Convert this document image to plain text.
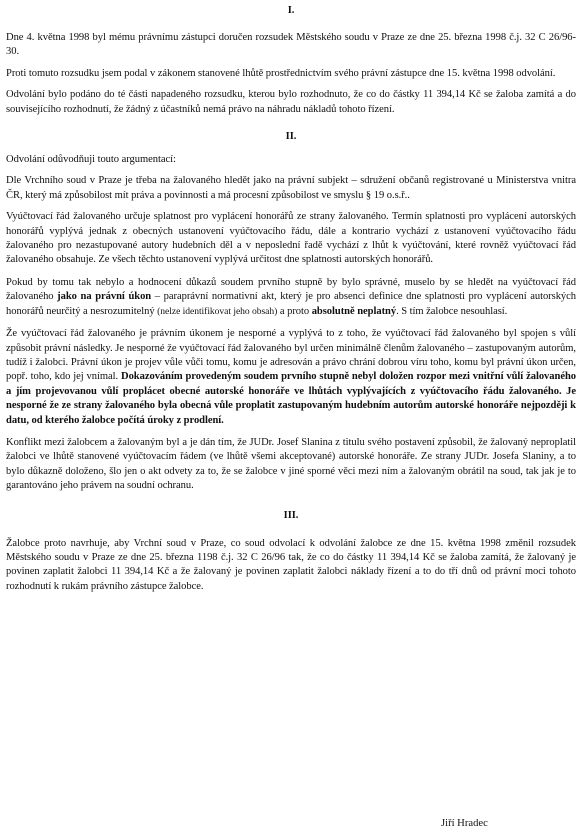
I.

Dne 4. května 1998 byl mému právnímu zástupci doručen rozsudek Městského soudu v Praze ze dne 25. března 1998 č.j. 32 C 26/96-30.

Proti tomuto rozsudku jsem podal v zákonem stanovené lhůtě prostřednictvím svého právní zástupce dne 15. května 1998 odvolání.

Odvolání bylo podáno do té části napadeného rozsudku, kterou bylo rozhodnuto, že co do částky 11 394,14 Kč se žaloba zamítá a do souvisejícího rozhodnutí, že žádný z účastníků nemá právo na náhradu nákladů tohoto řízení.

II.

Odvolání odůvodňuji touto argumentací:

Dle Vrchního soud v Praze je třeba na žalovaného hledět jako na právní subjekt – sdružení občanů registrované u Ministerstva vnitra ČR, který má způsobilost mít práva a povinnosti a má procesní způsobilost ve smyslu § 19 o.s.ř..

Vyúčtovací řád žalovaného určuje splatnost pro vyplácení honorářů ze strany žalovaného. Termín splatnosti pro vyplácení autorských honorářů vyplývá jednak z obecných ustanovení vyúčtovacího řádu, dále a kontrario vychází z ustanovení vyúčtovacího řádu žalovaného pro nezastupované autory hudebních děl a v neposlední řadě vychází z lhůt k vyúčtování, které rovněž vyúčtovací řád žalovaného obsahuje. Ze všech těchto ustanovení vyplývá určitost dne splatnosti autorských honorářů.

Pokud by tomu tak nebylo a hodnocení důkazů soudem prvního stupně by bylo správné, muselo by se hledět na vyúčtovací řád žalovaného jako na právní úkon – paraprávní normativní akt, který je pro absenci definice dne splatnosti pro vyplácení autorských honorářů neurčitý a nesrozumitelný (nelze identifikovat jeho obsah) a proto absolutně neplatný. S tím žalobce nesouhlasí.

Že vyúčtovací řád žalovaného je právním úkonem je nesporné a vyplývá to z toho, že vyúčtovací řád žalovaného byl spojen s vůlí způsobit právní následky. Je nesporné že vyúčtovací řád žalovaného byl určen minimálně členům žalovaného – zastupovaným autorům, tudíž i žalobci. Právní úkon je projev vůle vůči tomu, komu je adresován a právo chrání dobrou víru toho, komu byl právní úkon určen, popř. toho, kdo jej vnímal. Dokazováním provedeným soudem prvního stupně nebyl doložen rozpor mezi vnitřní vůlí žalovaného a jím projevovanou vůlí proplácet obecné autorské honoráře ve lhůtách vyplývajících z vyúčtovacího řádu žalovaného. Je nesporné že ze strany žalovaného byla obecná vůle proplatit zastupovaným hudebním autorům autorské honoráře nejpozději k datu, od kterého žalobce počítá úroky z prodlení.

Konflikt mezi žalobcem a žalovaným byl a je dán tím, že JUDr. Josef Slanina z titulu svého postavení způsobil, že žalovaný neproplatil žalobci ve lhůtě stanovené vyúčtovacím řádem (ve lhůtě všemi akceptované) autorské honoráře. Ze strany JUDr. Josefa Slaniny, a to bylo důkazně doloženo, šlo jen o akt odvety za to, že se žalobce v jiné sporné věci mezi ním a žalovaným obrátil na soud, tak jak je to garantováno jeho právem na soudní ochranu.

III.

Žalobce proto navrhuje, aby Vrchní soud v Praze, co soud odvolací k odvolání žalobce ze dne 15. května 1998 změnil rozsudek Městského soudu v Praze ze dne 25. března 1198 č.j. 32 C 26/96 tak, že co do částky 11 394,14 Kč se žaloba zamítá, že žalovaný je povinen zaplatit žalobci 11 394,14 Kč a že žalovaný je povinen zaplatit žalobci náklady řízení a to do tří dnů od právní moci tohoto rozhodnutí k rukám právního zástupce žalobce.

Jiří Hradec
